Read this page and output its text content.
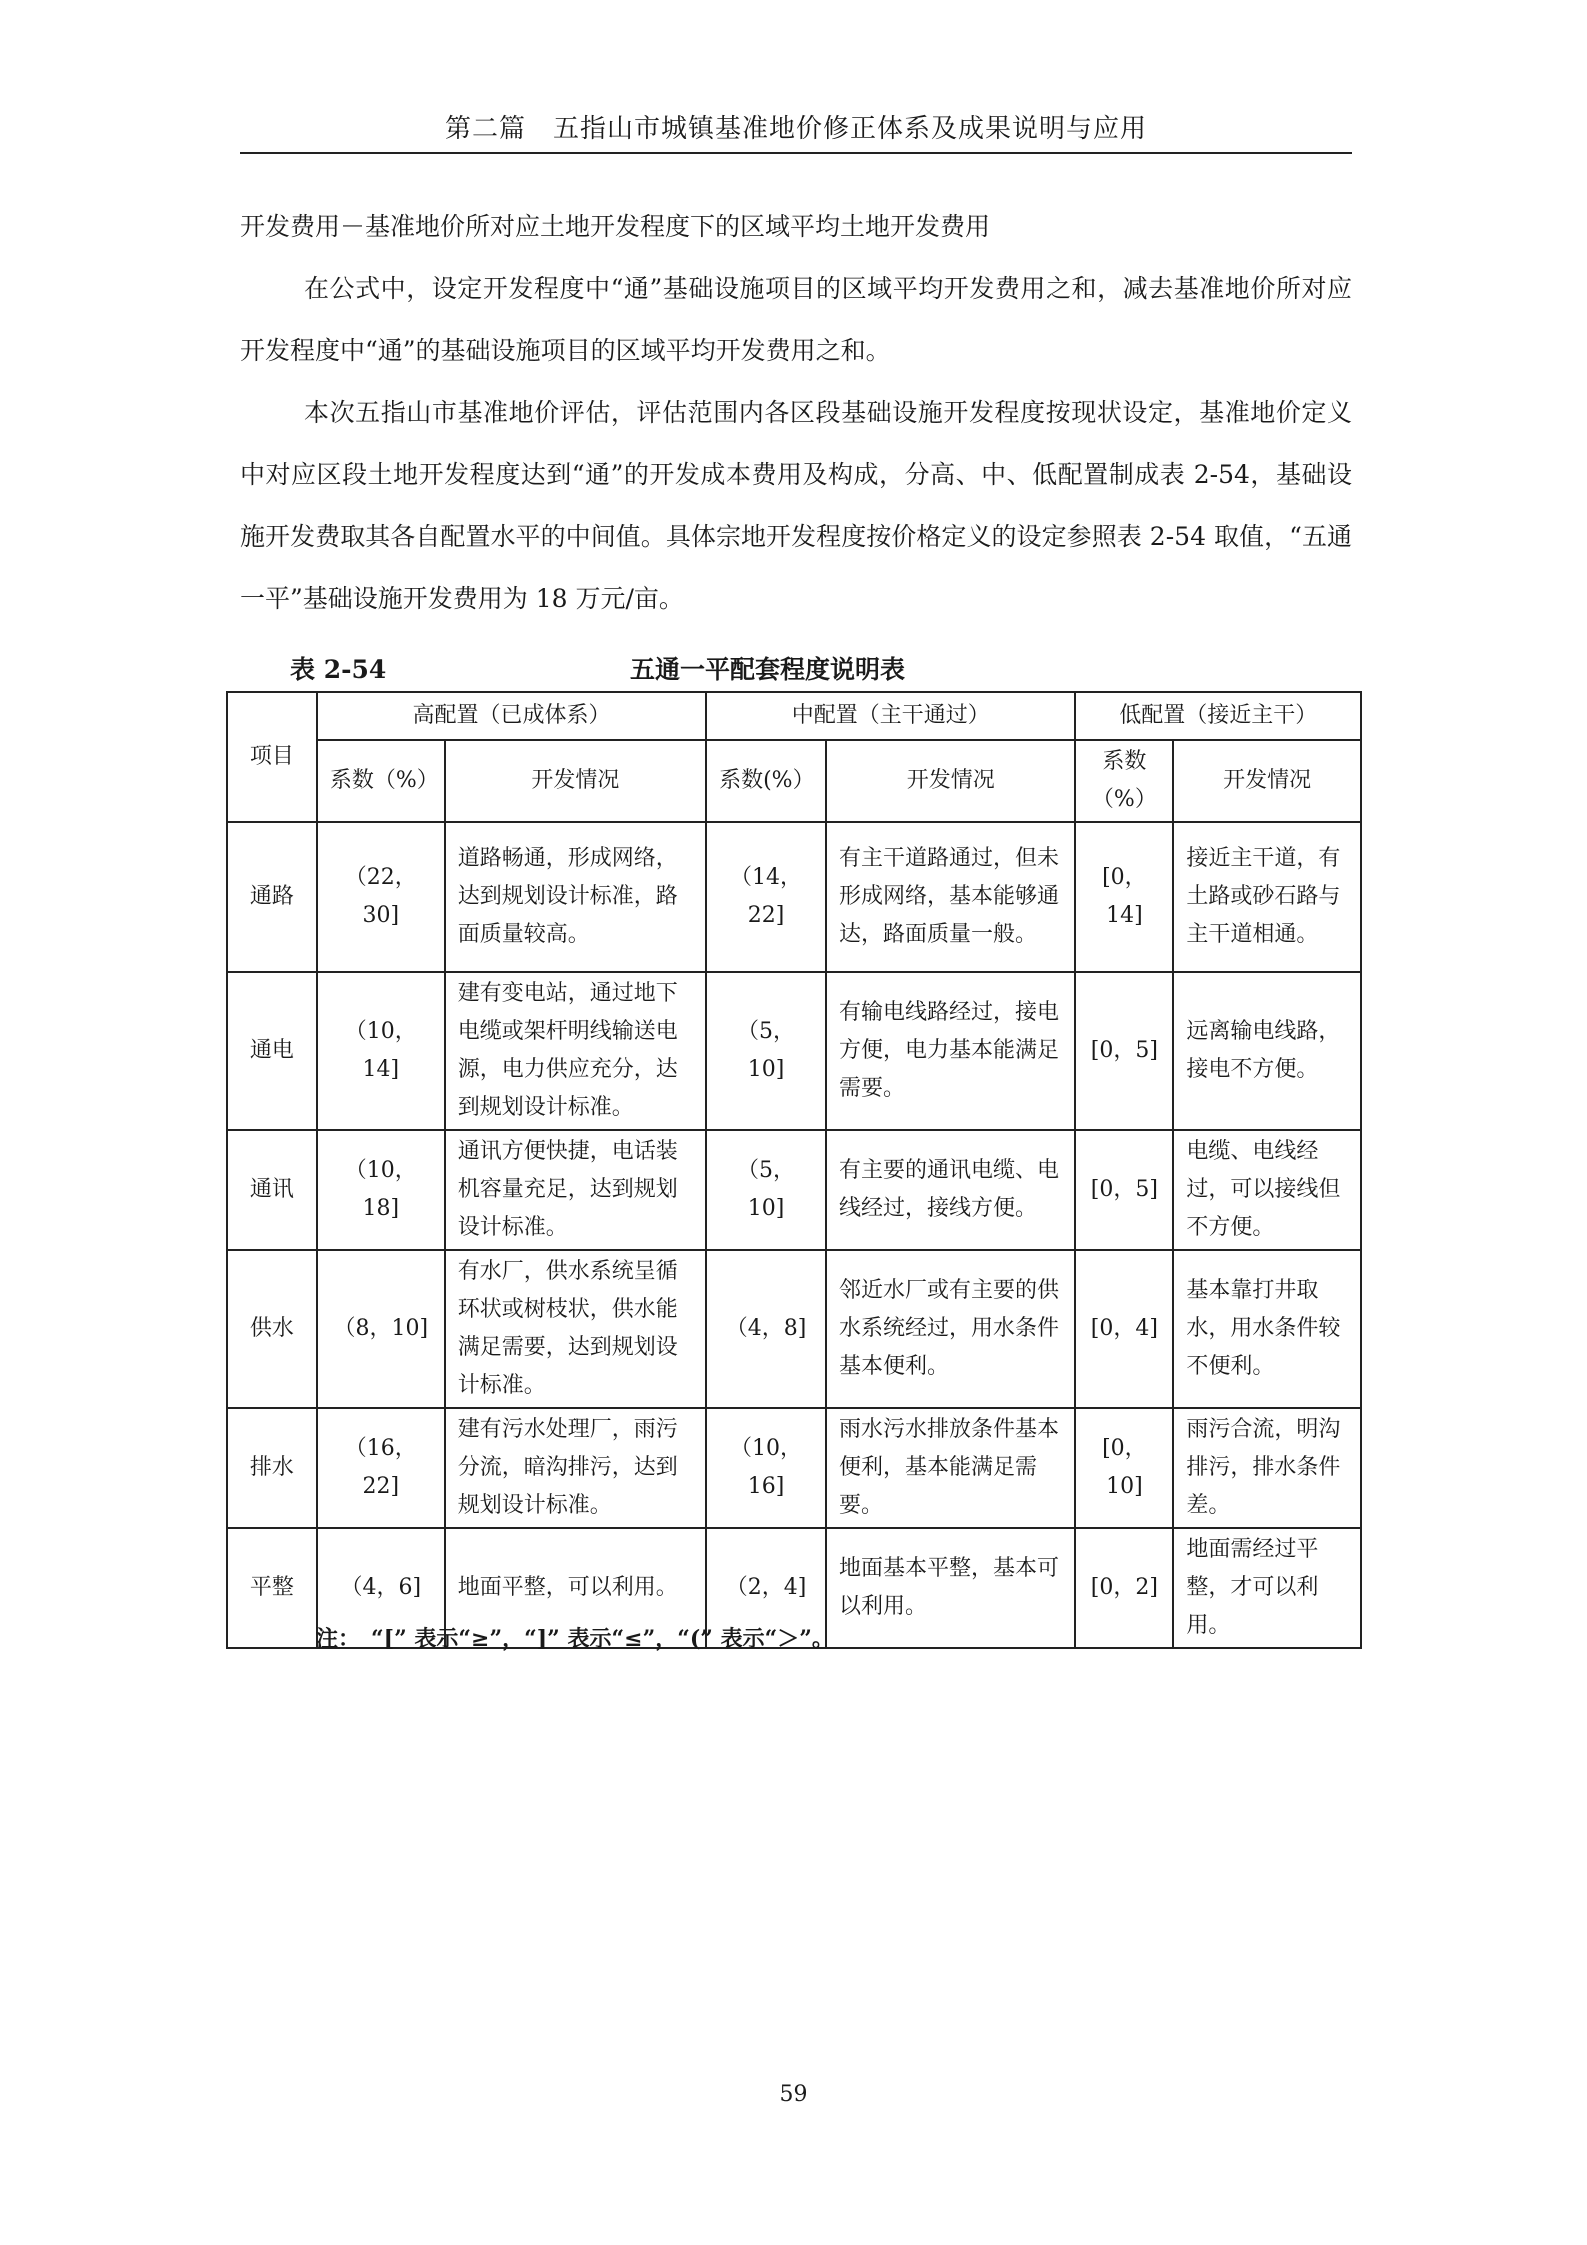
第二篇　五指山市城镇基准地价修正体系及成果说明与应用
开发费用－基准地价所对应土地开发程度下的区域平均土地开发费用
在公式中，设定开发程度中“通”基础设施项目的区域平均开发费用之和，减去基准地价所对应开发程度中“通”的基础设施项目的区域平均开发费用之和。
本次五指山市基准地价评估，评估范围内各区段基础设施开发程度按现状设定，基准地价定义中对应区段土地开发程度达到“通”的开发成本费用及构成，分高、中、低配置制成表 2-54，基础设施开发费取其各自配置水平的中间值。具体宗地开发程度按价格定义的设定参照表 2-54 取值，“五通一平”基础设施开发费用为 18 万元/亩。
表 2-54	五通一平配套程度说明表
项目	高配置（已成体系）		中配置（主干通过）		低配置（接近主干）	
	系数（%）	开发情况	系数(%）	开发情况	系数（%）	开发情况
通路	（22，30]	道路畅通，形成网络，达到规划设计标准，路面质量较高。	（14，22]	有主干道路通过，但未形成网络，基本能够通达，路面质量一般。	[0，14]	接近主干道，有土路或砂石路与主干道相通。
通电	（10，14]	建有变电站，通过地下电缆或架杆明线输送电源，电力供应充分，达到规划设计标准。	（5，10]	有输电线路经过，接电方便，电力基本能满足需要。	[0，5]	远离输电线路，接电不方便。
通讯	（10，18]	通讯方便快捷，电话装机容量充足，达到规划设计标准。	（5，10]	有主要的通讯电缆、电线经过，接线方便。	[0，5]	电缆、电线经过，可以接线但不方便。
供水	（8，10]	有水厂，供水系统呈循环状或树枝状，供水能满足需要，达到规划设计标准。	（4，8]	邻近水厂或有主要的供水系统经过，用水条件基本便利。	[0，4]	基本靠打井取水，用水条件较不便利。
排水	（16，22]	建有污水处理厂，雨污分流，暗沟排污，达到规划设计标准。	（10，16]	雨水污水排放条件基本便利，基本能满足需要。	[0，10]	雨污合流，明沟排污，排水条件差。
平整	（4，6]	地面平整，可以利用。	（2，4]	地面基本平整，基本可以利用。	[0，2]	地面需经过平整，才可以利用。
注：　“[” 表示“≥”，“]” 表示“≤”，“(” 表示“＞”。
59
